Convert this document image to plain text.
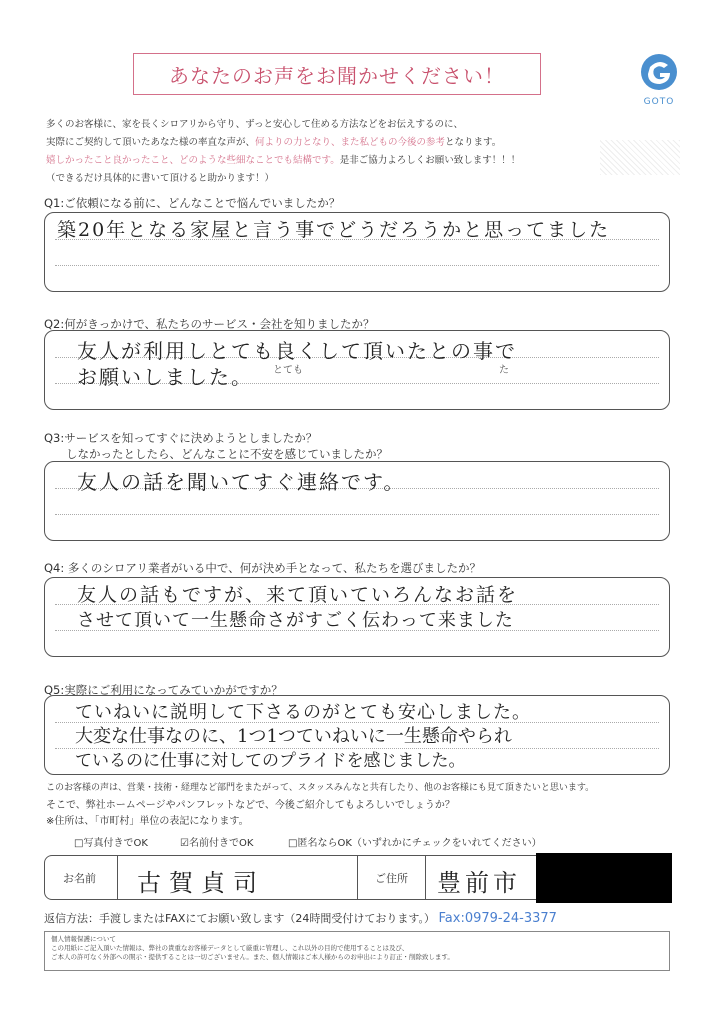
あなたのお声をお聞かせください！
GOTO
多くのお客様に、家を長くシロアリから守り、ずっと安心して住める方法などをお伝えするのに、
実際にご契約して頂いたあなた様の率直な声が、何よりの力となり、また私どもの今後の参考となります。
嬉しかったこと良かったこと、どのような些細なことでも結構です。是非ご協力よろしくお願い致します！！！
（できるだけ具体的に書いて頂けると助かります！）
Q1:ご依頼になる前に、どんなことで悩んでいましたか？
築20年となる家屋と言う事でどうだろうかと思ってました
Q2:何がきっかけで、私たちのサービス・会社を知りましたか？
友人が利用しとても良くして頂いたとの事で
お願いしました。 とても	た
Q3:サービスを知ってすぐに決めようとしましたか？
しなかったとしたら、どんなことに不安を感じていましたか？
友人の話を聞いてすぐ連絡です。
Q4: 多くのシロアリ業者がいる中で、何が決め手となって、私たちを選びましたか？
友人の話もですが、来て頂いていろんなお話を
させて頂いて一生懸命さがすごく伝わって来ました
Q5:実際にご利用になってみていかがですか？
ていねいに説明して下さるのがとても安心しました。
大変な仕事なのに、1つ1つていねいに一生懸命やられ
ているのに仕事に対してのプライドを感じました。
このお客様の声は、営業・技術・経理など部門をまたがって、スタッスみんなと共有したり、他のお客様にも見て頂きたいと思います。
そこで、弊社ホームページやパンフレットなどで、今後ご紹介してもよろしいでしょうか？
※住所は、「市町村」単位の表記になります。
□写真付きでOK	☑名前付きでOK	□匿名ならOK（いずれかにチェックをいれてください）
お名前 古賀貞司	ご住所 豊前市
返信方法：手渡しまたはFAXにてお願い致します（24時間受付けております。） Fax:0979-24-3377
個人情報保護について
この用紙にご記入頂いた情報は、弊社の貴重なお客様データとして厳重に管理し、これ以外の目的で使用することは及び、
ご本人の許可なく外部への開示・提供することは一切ございません。また、個人情報はご本人様からのお申出により訂正・削除致します。
